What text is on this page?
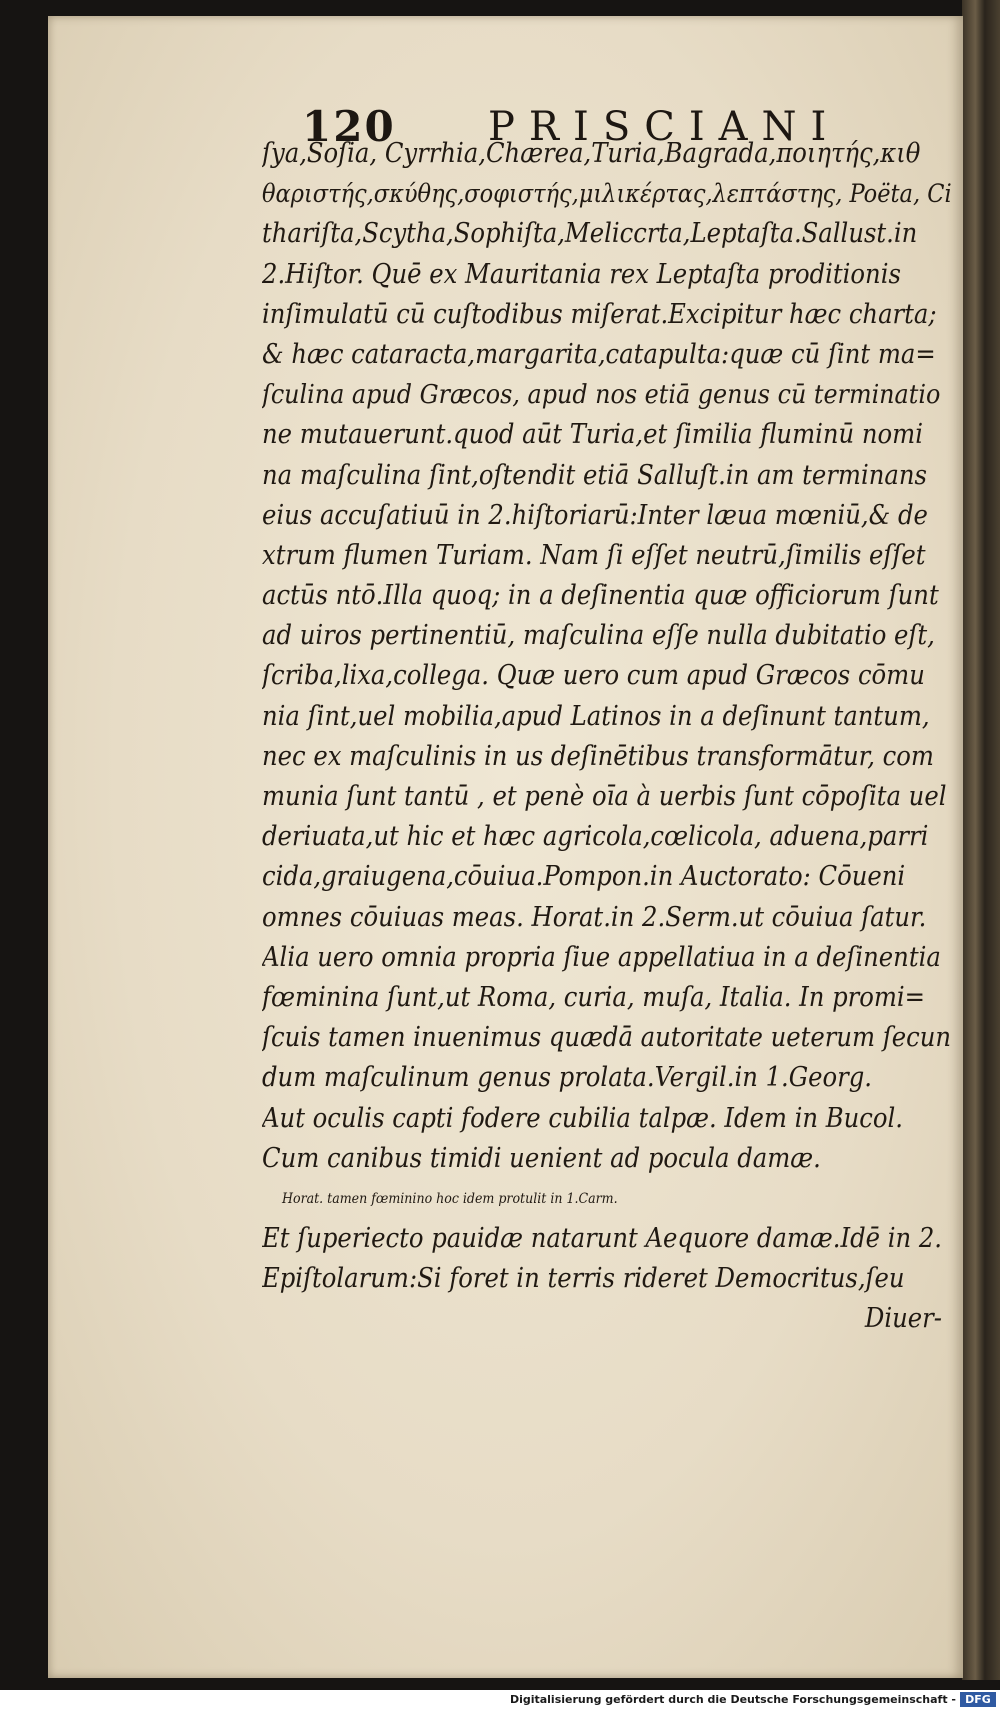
120 PRISCIANI
ſya,Soſia, Cyrrhia,Chærea,Turia,Bagrada,ποιητής,κιθ
θαριστής,σκύθης,σοφιστής,μιλικέρτας,λεπτάστης, Poëta, Ci
thariſta,Scytha,Sophiſta,Meliccrta,Leptaſta.Sallust.in
2.Hiſtor. Quē ex Mauritania rex Leptaſta proditionis
inſimulatū cū cuſtodibus miſerat.Excipitur hæc charta;
& hæc cataracta,margarita,catapulta:quæ cū ſint ma=
ſculina apud Græcos, apud nos etiā genus cū terminatio
ne mutauerunt.quod aūt Turia,et ſimilia fluminū nomi
na maſculina ſint,oſtendit etiā Salluſt.in am terminans
eius accuſatiuū in 2.hiſtoriarū:Inter læua mœniū,& de
xtrum flumen Turiam. Nam ſi eſſet neutrū,ſimilis eſſet
actūs ntō.Illa quoq; in a deſinentia quæ officiorum ſunt
ad uiros pertinentiū, maſculina eſſe nulla dubitatio eſt,
ſcriba,lixa,collega. Quæ uero cum apud Græcos cōmu
nia ſint,uel mobilia,apud Latinos in a deſinunt tantum,
nec ex maſculinis in us deſinētibus transformātur, com
munia ſunt tantū , et penè oīa à uerbis ſunt cōpoſita uel
deriuata,ut hic et hæc agricola,cœlicola, aduena,parri
cida,graiugena,cōuiua.Pompon.in Auctorato: Cōueni
omnes cōuiuas meas. Horat.in 2.Serm.ut cōuiua ſatur.
Alia uero omnia propria ſiue appellatiua in a deſinentia
fœminina ſunt,ut Roma, curia, muſa, Italia. In promi=
ſcuis tamen inuenimus quædā autoritate ueterum ſecun
dum maſculinum genus prolata.Vergil.in 1.Georg.
Aut oculis capti fodere cubilia talpæ. Idem in Bucol.
Cum canibus timidi uenient ad pocula damæ.
Horat. tamen fœminino hoc idem protulit in 1.Carm.
Et ſuperiecto pauidæ natarunt Aequore damæ.Idē in 2.
Epiſtolarum:Si foret in terris rideret Democritus,ſeu
Diuer-
Digitalisierung gefördert durch die Deutsche Forschungsgemeinschaft - DFG
